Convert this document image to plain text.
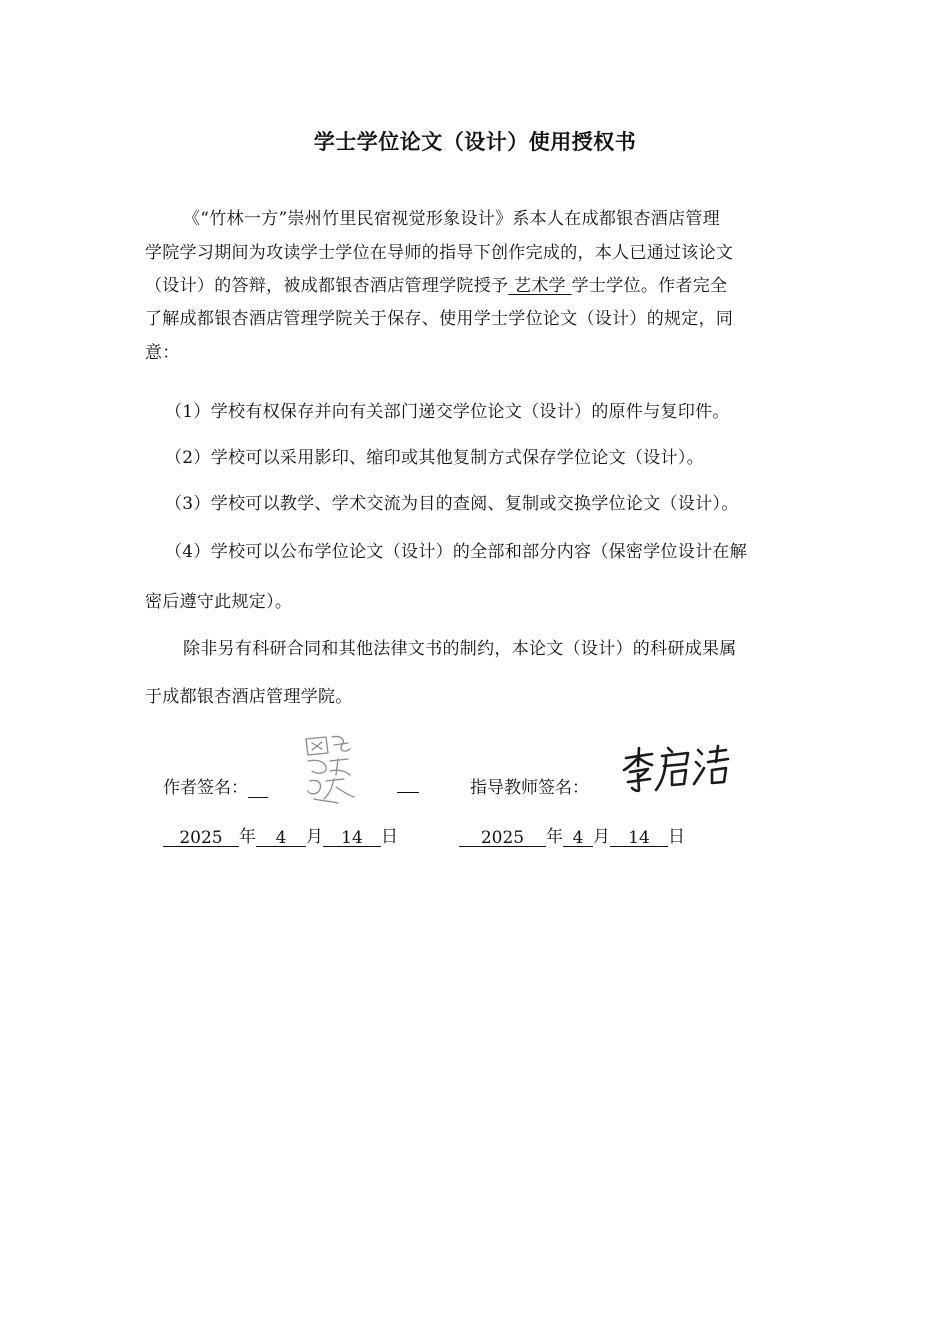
学士学位论文（设计）使用授权书
《“竹林一方”崇州竹里民宿视觉形象设计》系本人在成都银杏酒店管理
学院学习期间为攻读学士学位在导师的指导下创作完成的，本人已通过该论文
（设计）的答辩，被成都银杏酒店管理学院授予 艺术学 学士学位。作者完全
了解成都银杏酒店管理学院关于保存、使用学士学位论文（设计）的规定，同
意：
（1）学校有权保存并向有关部门递交学位论文（设计）的原件与复印件。
（2）学校可以采用影印、缩印或其他复制方式保存学位论文（设计）。
（3）学校可以教学、学术交流为目的查阅、复制或交换学位论文（设计）。
（4）学校可以公布学位论文（设计）的全部和部分内容（保密学位设计在解
密后遵守此规定）。
除非另有科研合同和其他法律文书的制约，本论文（设计）的科研成果属
于成都银杏酒店管理学院。
作者签名：	指导教师签名：
2025 年 4 月 14 日	2025 年 4 月 14 日
